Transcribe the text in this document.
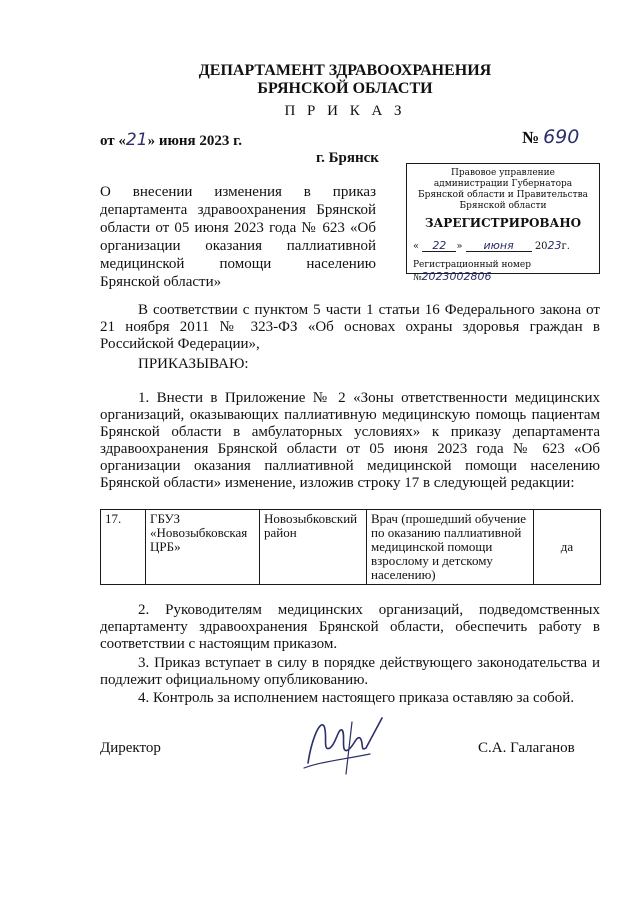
ДЕПАРТАМЕНТ ЗДРАВООХРАНЕНИЯ
БРЯНСКОЙ ОБЛАСТИ
П Р И К А З
от «21» июня 2023 г.	№ 690
г. Брянск
О внесении изменения в приказ департамента здравоохранения Брянской области от 05 июня 2023 года № 623 «Об организации оказания паллиативной медицинской помощи населению Брянской области»
Правовое управление
администрации Губернатора
Брянской области и Правительства
Брянской области
ЗАРЕГИСТРИРОВАНО
« 22 » июня 2023г.
Регистрационный номер №2023002806
В соответствии с пунктом 5 части 1 статьи 16 Федерального закона от 21 ноября 2011 № 323-ФЗ «Об основах охраны здоровья граждан в Российской Федерации»,
ПРИКАЗЫВАЮ:
1. Внести в Приложение № 2 «Зоны ответственности медицинских организаций, оказывающих паллиативную медицинскую помощь пациентам Брянской области в амбулаторных условиях» к приказу департамента здравоохранения Брянской области от 05 июня 2023 года № 623 «Об организации оказания паллиативной медицинской помощи населению Брянской области» изменение, изложив строку 17 в следующей редакции:
17.	ГБУЗ «Новозыбковская ЦРБ»	Новозыбковский район	Врач (прошедший обучение по оказанию паллиативной медицинской помощи взрослому и детскому населению)	да
2. Руководителям медицинских организаций, подведомственных департаменту здравоохранения Брянской области, обеспечить работу в соответствии с настоящим приказом.
3. Приказ вступает в силу в порядке действующего законодательства и подлежит официальному опубликованию.
4. Контроль за исполнением настоящего приказа оставляю за собой.
Директор	С.А. Галаганов
